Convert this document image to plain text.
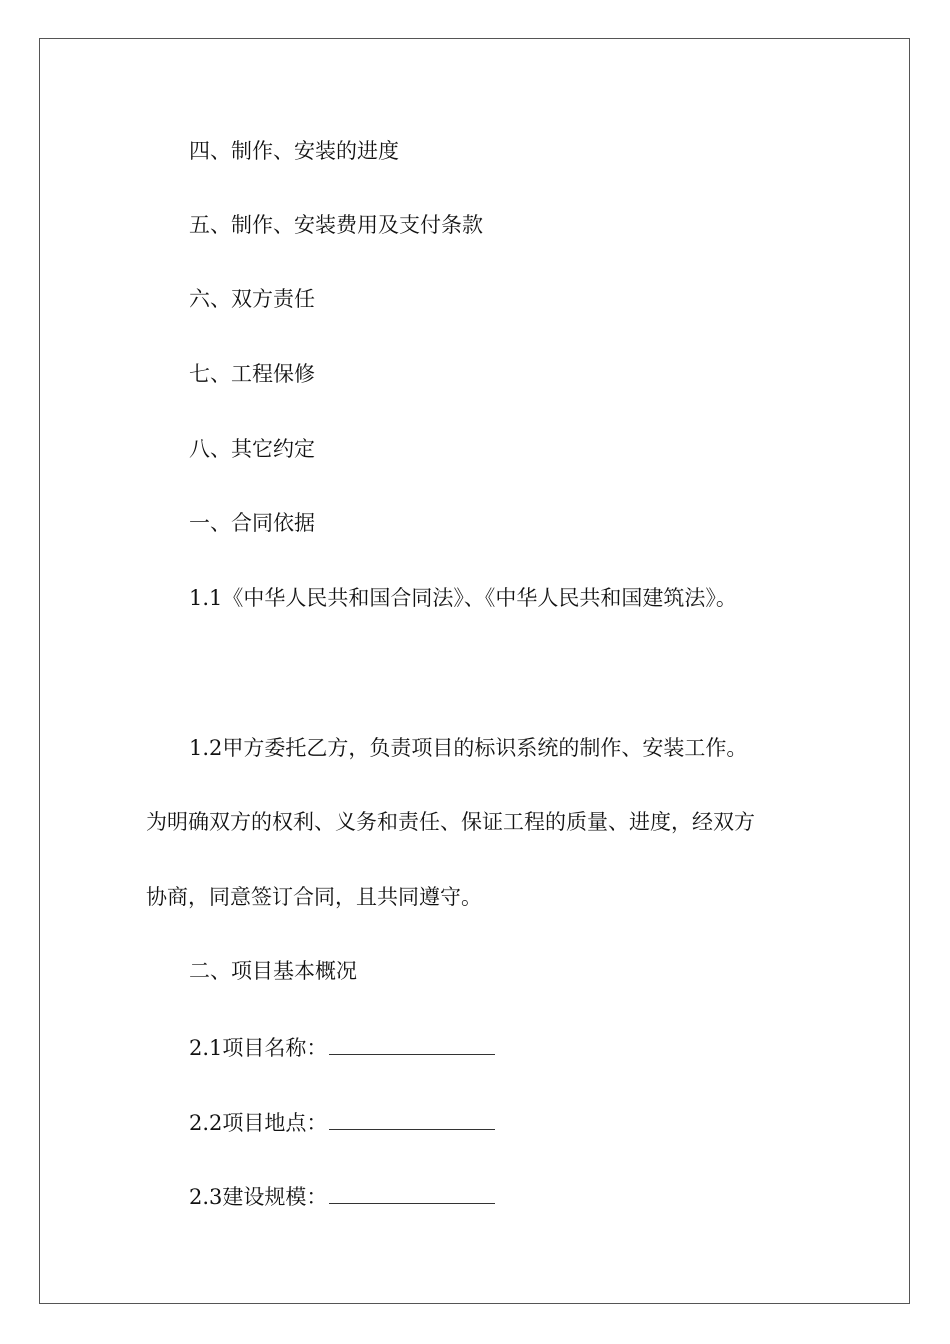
四、制作、安装的进度
五、制作、安装费用及支付条款
六、双方责任
七、工程保修
八、其它约定
一、合同依据
1.1《中华人民共和国合同法》、《中华人民共和国建筑法》。
1.2甲方委托乙方，负责项目的标识系统的制作、安装工作。
为明确双方的权利、义务和责任、保证工程的质量、进度，经双方
协商，同意签订合同，且共同遵守。
二、项目基本概况
2.1项目名称：
2.2项目地点：
2.3建设规模：
